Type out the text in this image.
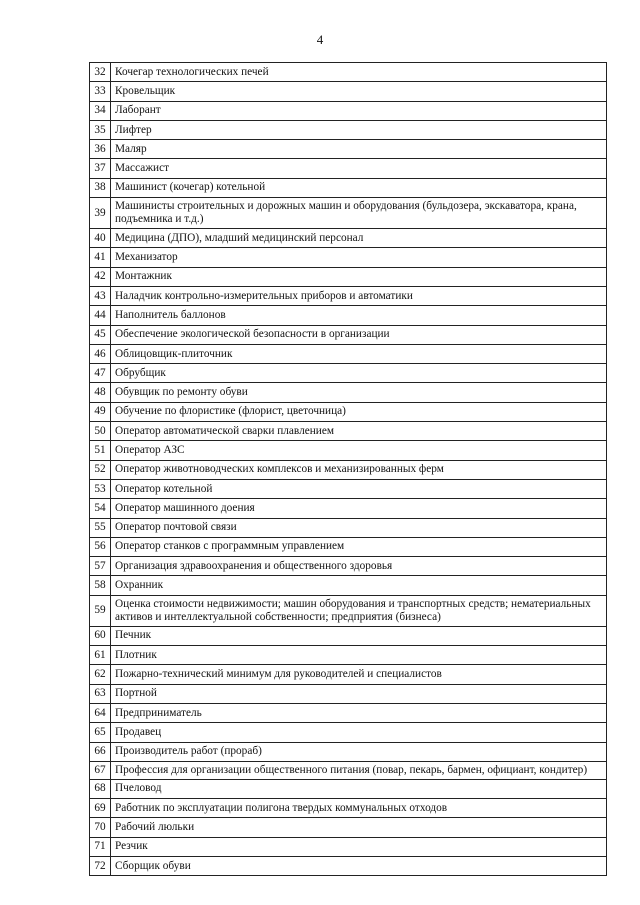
4
32	Кочегар технологических печей
33	Кровельщик
34	Лаборант
35	Лифтер
36	Маляр
37	Массажист
38	Машинист (кочегар) котельной
39	Машинисты строительных и дорожных машин и оборудования (бульдозера, экскаватора, крана, подъемника и т.д.)
40	Медицина (ДПО), младший медицинский персонал
41	Механизатор
42	Монтажник
43	Наладчик контрольно-измерительных приборов и автоматики
44	Наполнитель баллонов
45	Обеспечение экологической безопасности в организации
46	Облицовщик-плиточник
47	Обрубщик
48	Обувщик по ремонту обуви
49	Обучение по флористике (флорист, цветочница)
50	Оператор автоматической сварки плавлением
51	Оператор АЗС
52	Оператор животноводческих комплексов и механизированных ферм
53	Оператор котельной
54	Оператор машинного доения
55	Оператор почтовой связи
56	Оператор станков с программным управлением
57	Организация здравоохранения и общественного здоровья
58	Охранник
59	Оценка стоимости недвижимости; машин оборудования и транспортных средств; нематериальных активов и интеллектуальной собственности; предприятия (бизнеса)
60	Печник
61	Плотник
62	Пожарно-технический минимум для руководителей и специалистов
63	Портной
64	Предприниматель
65	Продавец
66	Производитель работ (прораб)
67	Профессия для организации общественного питания (повар, пекарь, бармен, официант, кондитер)
68	Пчеловод
69	Работник по эксплуатации полигона твердых коммунальных отходов
70	Рабочий люльки
71	Резчик
72	Сборщик обуви
